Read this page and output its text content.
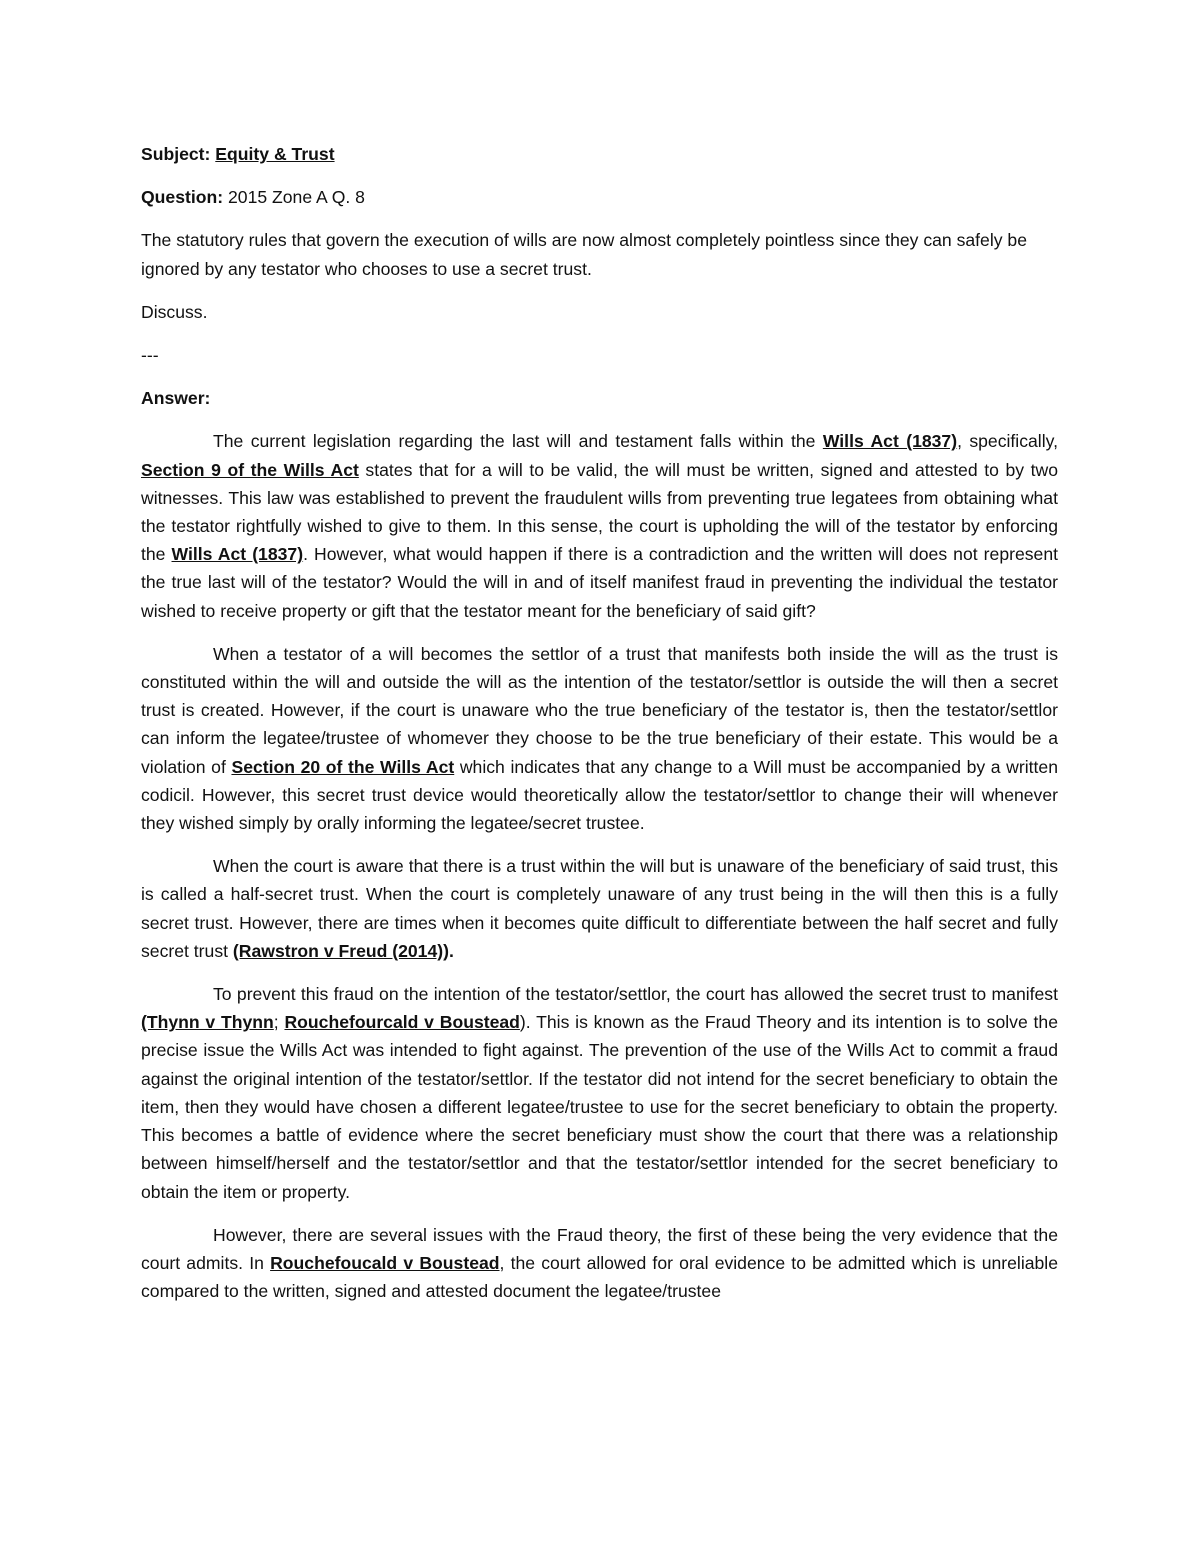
Subject: Equity & Trust
Question: 2015 Zone A Q. 8
The statutory rules that govern the execution of wills are now almost completely pointless since they can safely be ignored by any testator who chooses to use a secret trust.
Discuss.
---
Answer:

The current legislation regarding the last will and testament falls within the Wills Act (1837), specifically, Section 9 of the Wills Act states that for a will to be valid, the will must be written, signed and attested to by two witnesses. This law was established to prevent the fraudulent wills from preventing true legatees from obtaining what the testator rightfully wished to give to them. In this sense, the court is upholding the will of the testator by enforcing the Wills Act (1837). However, what would happen if there is a contradiction and the written will does not represent the true last will of the testator? Would the will in and of itself manifest fraud in preventing the individual the testator wished to receive property or gift that the testator meant for the beneficiary of said gift?

When a testator of a will becomes the settlor of a trust that manifests both inside the will as the trust is constituted within the will and outside the will as the intention of the testator/settlor is outside the will then a secret trust is created. However, if the court is unaware who the true beneficiary of the testator is, then the testator/settlor can inform the legatee/trustee of whomever they choose to be the true beneficiary of their estate. This would be a violation of Section 20 of the Wills Act which indicates that any change to a Will must be accompanied by a written codicil. However, this secret trust device would theoretically allow the testator/settlor to change their will whenever they wished simply by orally informing the legatee/secret trustee.

When the court is aware that there is a trust within the will but is unaware of the beneficiary of said trust, this is called a half-secret trust. When the court is completely unaware of any trust being in the will then this is a fully secret trust. However, there are times when it becomes quite difficult to differentiate between the half secret and fully secret trust (Rawstron v Freud (2014)).

To prevent this fraud on the intention of the testator/settlor, the court has allowed the secret trust to manifest (Thynn v Thynn; Rouchefourcald v Boustead). This is known as the Fraud Theory and its intention is to solve the precise issue the Wills Act was intended to fight against. The prevention of the use of the Wills Act to commit a fraud against the original intention of the testator/settlor. If the testator did not intend for the secret beneficiary to obtain the item, then they would have chosen a different legatee/trustee to use for the secret beneficiary to obtain the property. This becomes a battle of evidence where the secret beneficiary must show the court that there was a relationship between himself/herself and the testator/settlor and that the testator/settlor intended for the secret beneficiary to obtain the item or property.

However, there are several issues with the Fraud theory, the first of these being the very evidence that the court admits. In Rouchefoucald v Boustead, the court allowed for oral evidence to be admitted which is unreliable compared to the written, signed and attested document the legatee/trustee
